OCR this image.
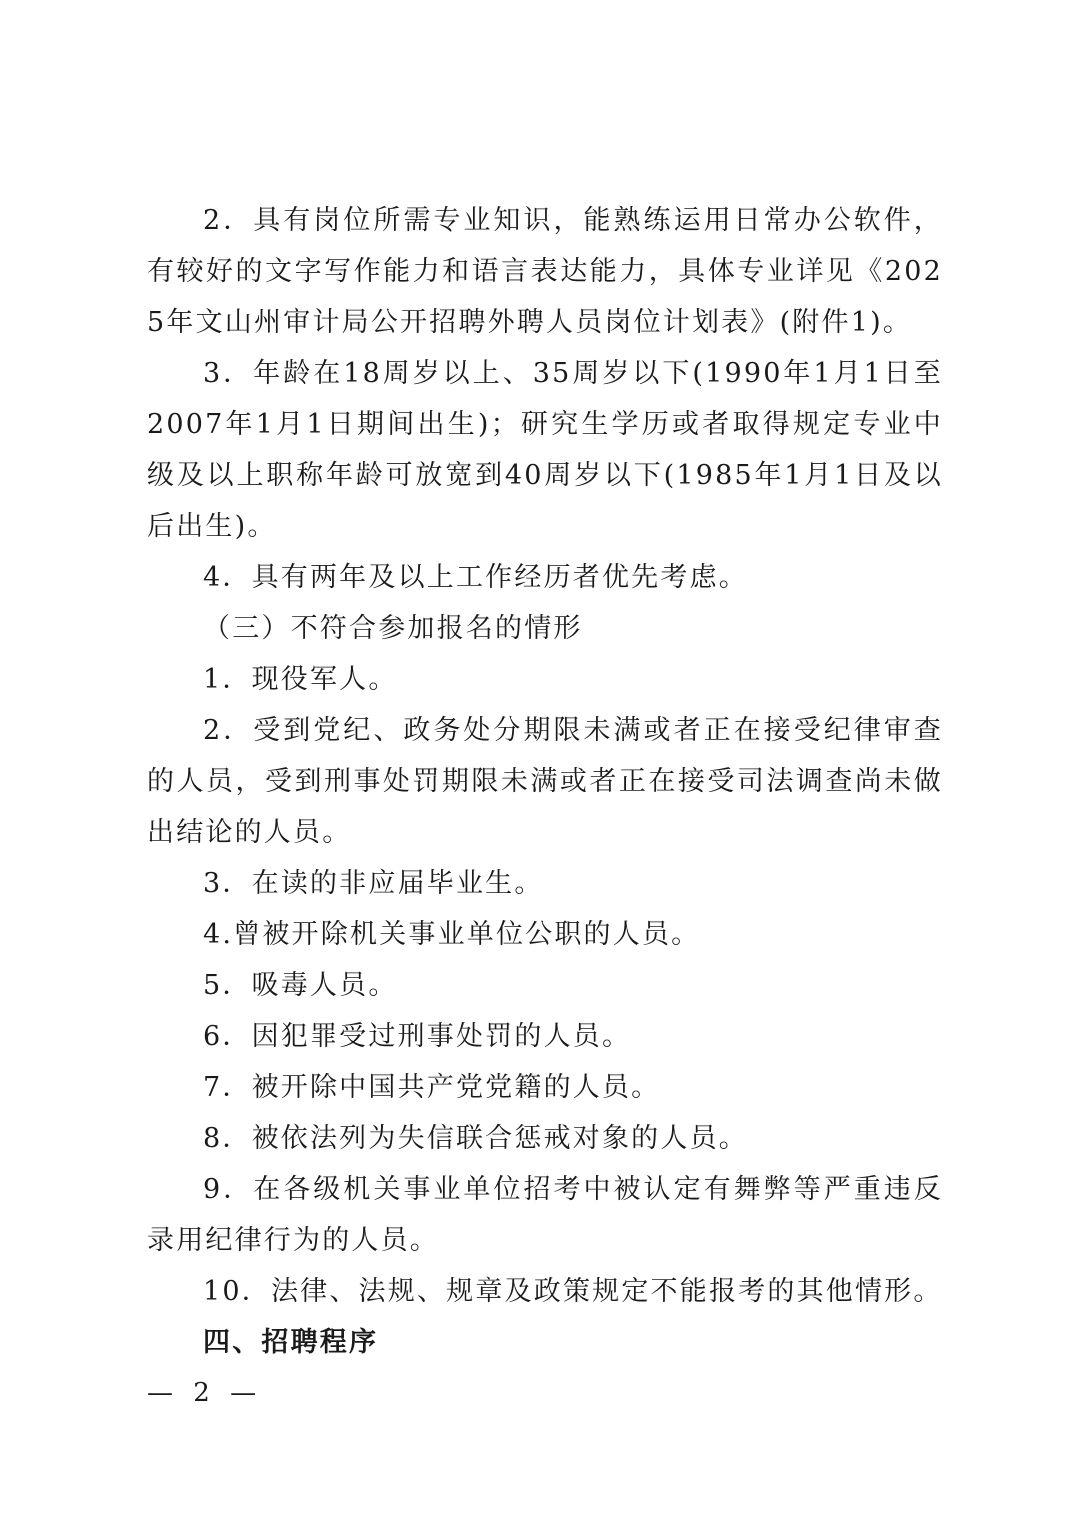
2．具有岗位所需专业知识，能熟练运用日常办公软件，有较好的文字写作能力和语言表达能力，具体专业详见《2025年文山州审计局公开招聘外聘人员岗位计划表》(附件1)。

3．年龄在18周岁以上、35周岁以下(1990年1月1日至2007年1月1日期间出生)；研究生学历或者取得规定专业中级及以上职称年龄可放宽到40周岁以下(1985年1月1日及以后出生)。

4．具有两年及以上工作经历者优先考虑。

（三）不符合参加报名的情形

1．现役军人。

2．受到党纪、政务处分期限未满或者正在接受纪律审查的人员，受到刑事处罚期限未满或者正在接受司法调查尚未做出结论的人员。

3．在读的非应届毕业生。

4.曾被开除机关事业单位公职的人员。

5．吸毒人员。

6．因犯罪受过刑事处罚的人员。

7．被开除中国共产党党籍的人员。

8．被依法列为失信联合惩戒对象的人员。

9．在各级机关事业单位招考中被认定有舞弊等严重违反录用纪律行为的人员。

10．法律、法规、规章及政策规定不能报考的其他情形。

四、招聘程序

— 2 —
